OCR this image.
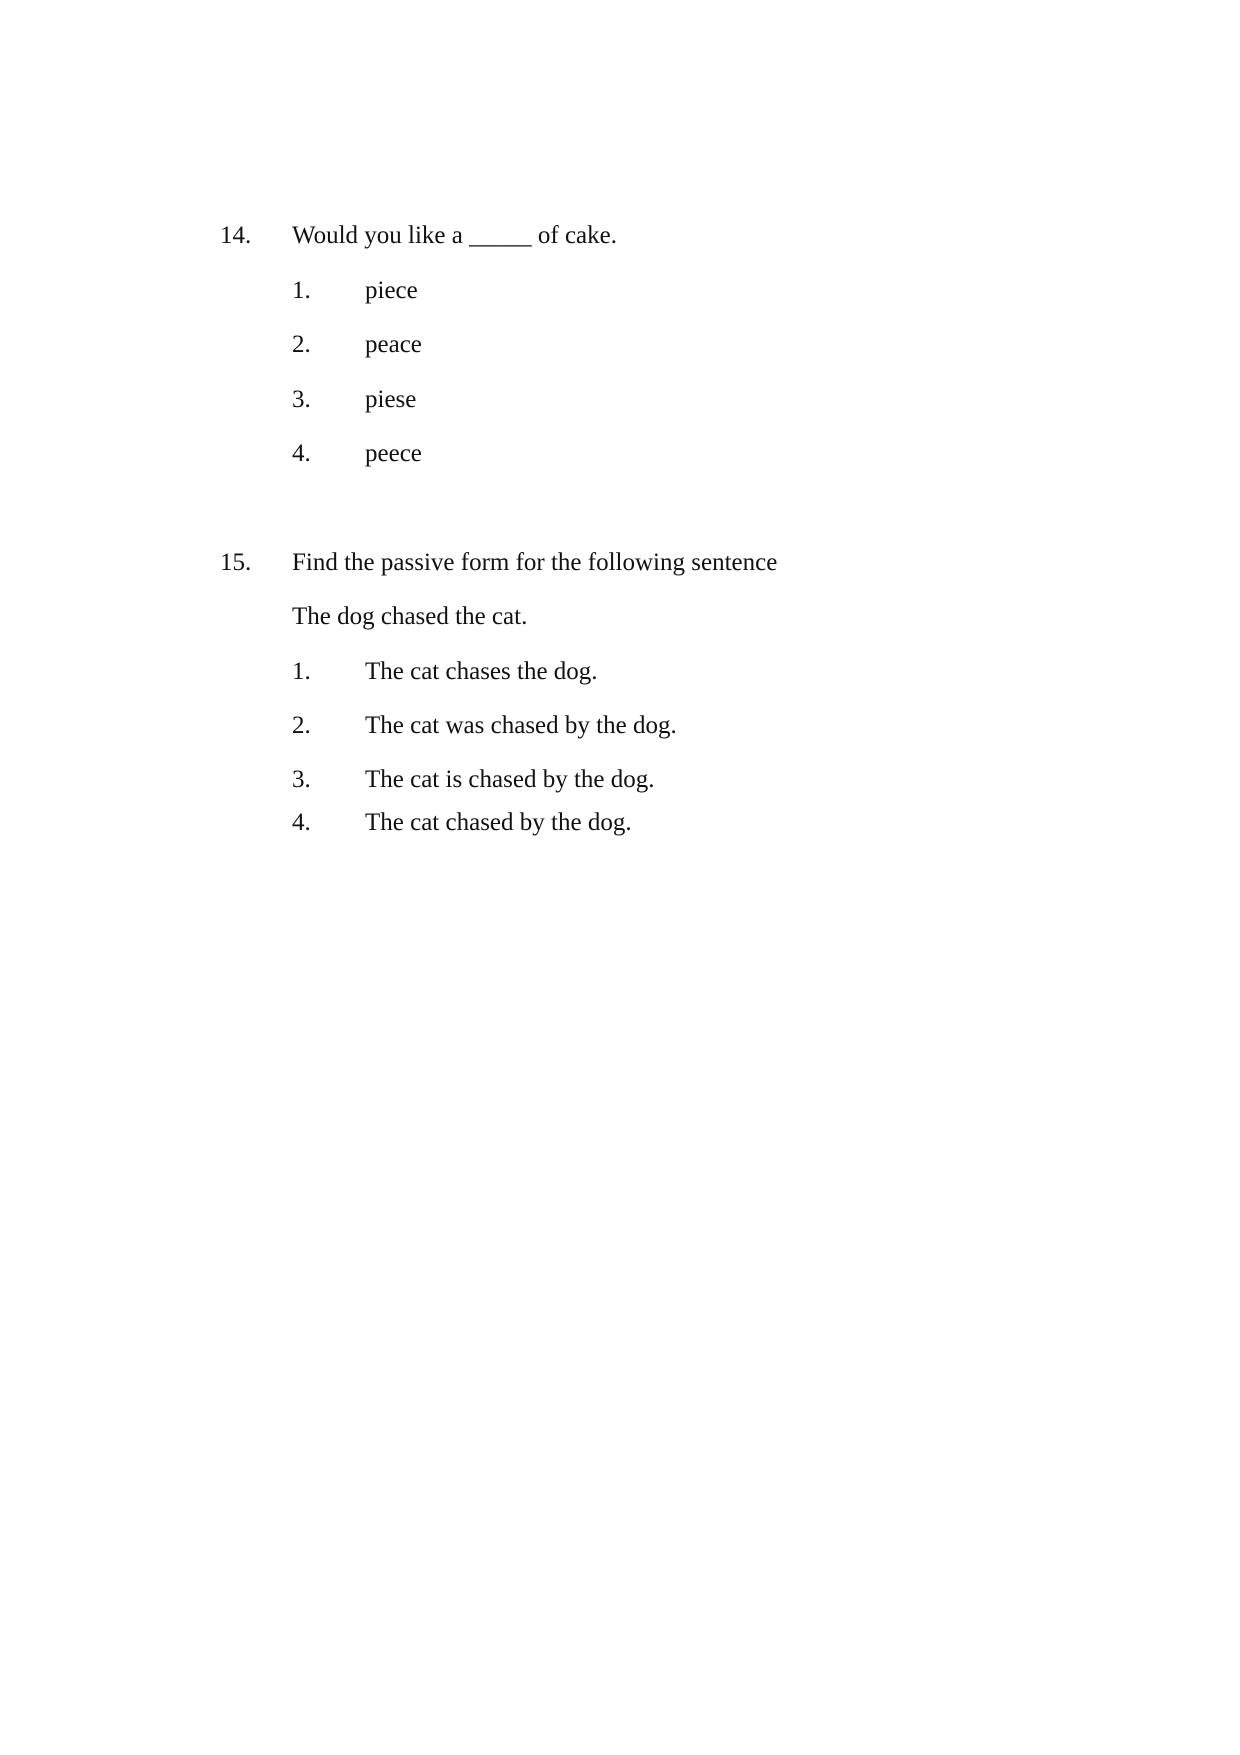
14. Would you like a _____ of cake.
1. piece
2. peace
3. piese
4. peece
15. Find the passive form for the following sentence
The dog chased the cat.
1. The cat chases the dog.
2. The cat was chased by the dog.
3. The cat is chased by the dog.
4. The cat chased by the dog.
